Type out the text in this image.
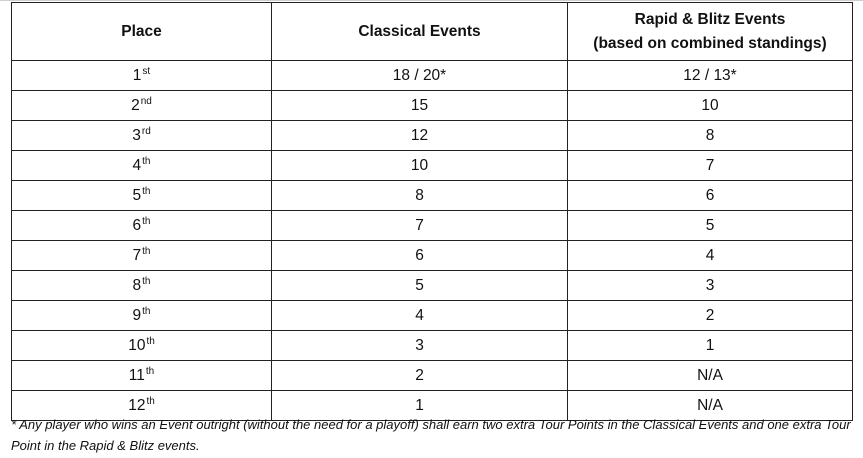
Place	Classical Events	Rapid & Blitz Events
(based on combined standings)

1st	18 / 20*	12 / 13*
2nd	15	10
3rd	12	8
4th	10	7
5th	8	6
6th	7	5
7th	6	4
8th	5	3
9th	4	2
10th	3	1
11th	2	N/A
12th	1	N/A
* Any player who wins an Event outright (without the need for a playoff) shall earn two extra Tour Points in the Classical Events and one extra Tour Point in the Rapid & Blitz events.
